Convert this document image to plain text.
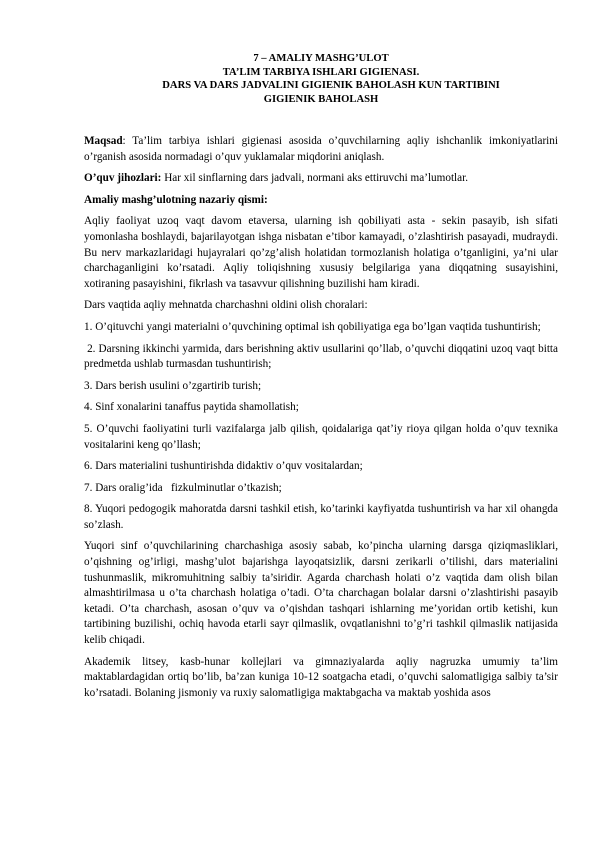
7 – AMALIY MASHG’ULOT
TA’LIM TARBIYA ISHLARI GIGIENASI.
DARS VA DARS JADVALINI GIGIENIK BAHOLASH KUN TARTIBINI
GIGIENIK BAHOLASH

Maqsad: Ta’lim tarbiya ishlari gigienasi asosida o’quvchilarning aqliy ishchanlik imkoniyatlarini o’rganish asosida normadagi o’quv yuklamalar miqdorini aniqlash.

O’quv jihozlari: Har xil sinflarning dars jadvali, normani aks ettiruvchi ma’lumotlar.

Amaliy mashg’ulotning nazariy qismi:

Aqliy faoliyat uzoq vaqt davom etaversa, ularning ish qobiliyati asta - sekin pasayib, ish sifati yomonlasha boshlaydi, bajarilayotgan ishga nisbatan e’tibor kamayadi, o’zlashtirish pasayadi, mudraydi. Bu nerv markazlaridagi hujayralari qo’zg’alish holatidan tormozlanish holatiga o’tganligini, ya’ni ular charchaganligini ko’rsatadi. Aqliy toliqishning xususiy belgilariga yana diqqatning susayishini, xotiraning pasayishini, fikrlash va tasavvur qilishning buzilishi ham kiradi.

Dars vaqtida aqliy mehnatda charchashni oldini olish choralari:

1. O’qituvchi yangi materialni o’quvchining optimal ish qobiliyatiga ega bo’lgan vaqtida tushuntirish;

2. Darsning ikkinchi yarmida, dars berishning aktiv usullarini qo’llab, o’quvchi diqqatini uzoq vaqt bitta predmetda ushlab turmasdan tushuntirish;

3. Dars berish usulini o’zgartirib turish;

4. Sinf xonalarini tanaffus paytida shamollatish;

5. O’quvchi faoliyatini turli vazifalarga jalb qilish, qoidalariga qat’iy rioya qilgan holda o’quv texnika vositalarini keng qo’llash;

6. Dars materialini tushuntirishda didaktiv o’quv vositalardan;

7. Dars oralig’ida   fizkulminutlar o’tkazish;

8. Yuqori pedogogik mahoratda darsni tashkil etish, ko’tarinki kayfiyatda tushuntirish va har xil ohangda so’zlash.

Yuqori sinf o’quvchilarining charchashiga asosiy sabab, ko’pincha ularning darsga qiziqmasliklari, o’qishning og’irligi, mashg’ulot bajarishga layoqatsizlik, darsni zerikarli o’tilishi, dars materialini tushunmaslik, mikromuhitning salbiy ta’siridir. Agarda charchash holati o’z vaqtida dam olish bilan almashtirilmasa u o’ta charchash holatiga o’tadi. O’ta charchagan bolalar darsni o’zlashtirishi pasayib ketadi. O’ta charchash, asosan o’quv va o’qishdan tashqari ishlarning me’yoridan ortib ketishi, kun tartibining buzilishi, ochiq havoda etarli sayr qilmaslik, ovqatlanishni to’g’ri tashkil qilmaslik natijasida kelib chiqadi.

Akademik litsey, kasb-hunar kollejlari va gimnaziyalarda aqliy nagruzka umumiy ta’lim maktablardagidan ortiq bo’lib, ba’zan kuniga 10-12 soatgacha etadi, o’quvchi salomatligiga salbiy ta’sir ko’rsatadi. Bolaning jismoniy va ruxiy salomatligiga maktabgacha va maktab yoshida asos
